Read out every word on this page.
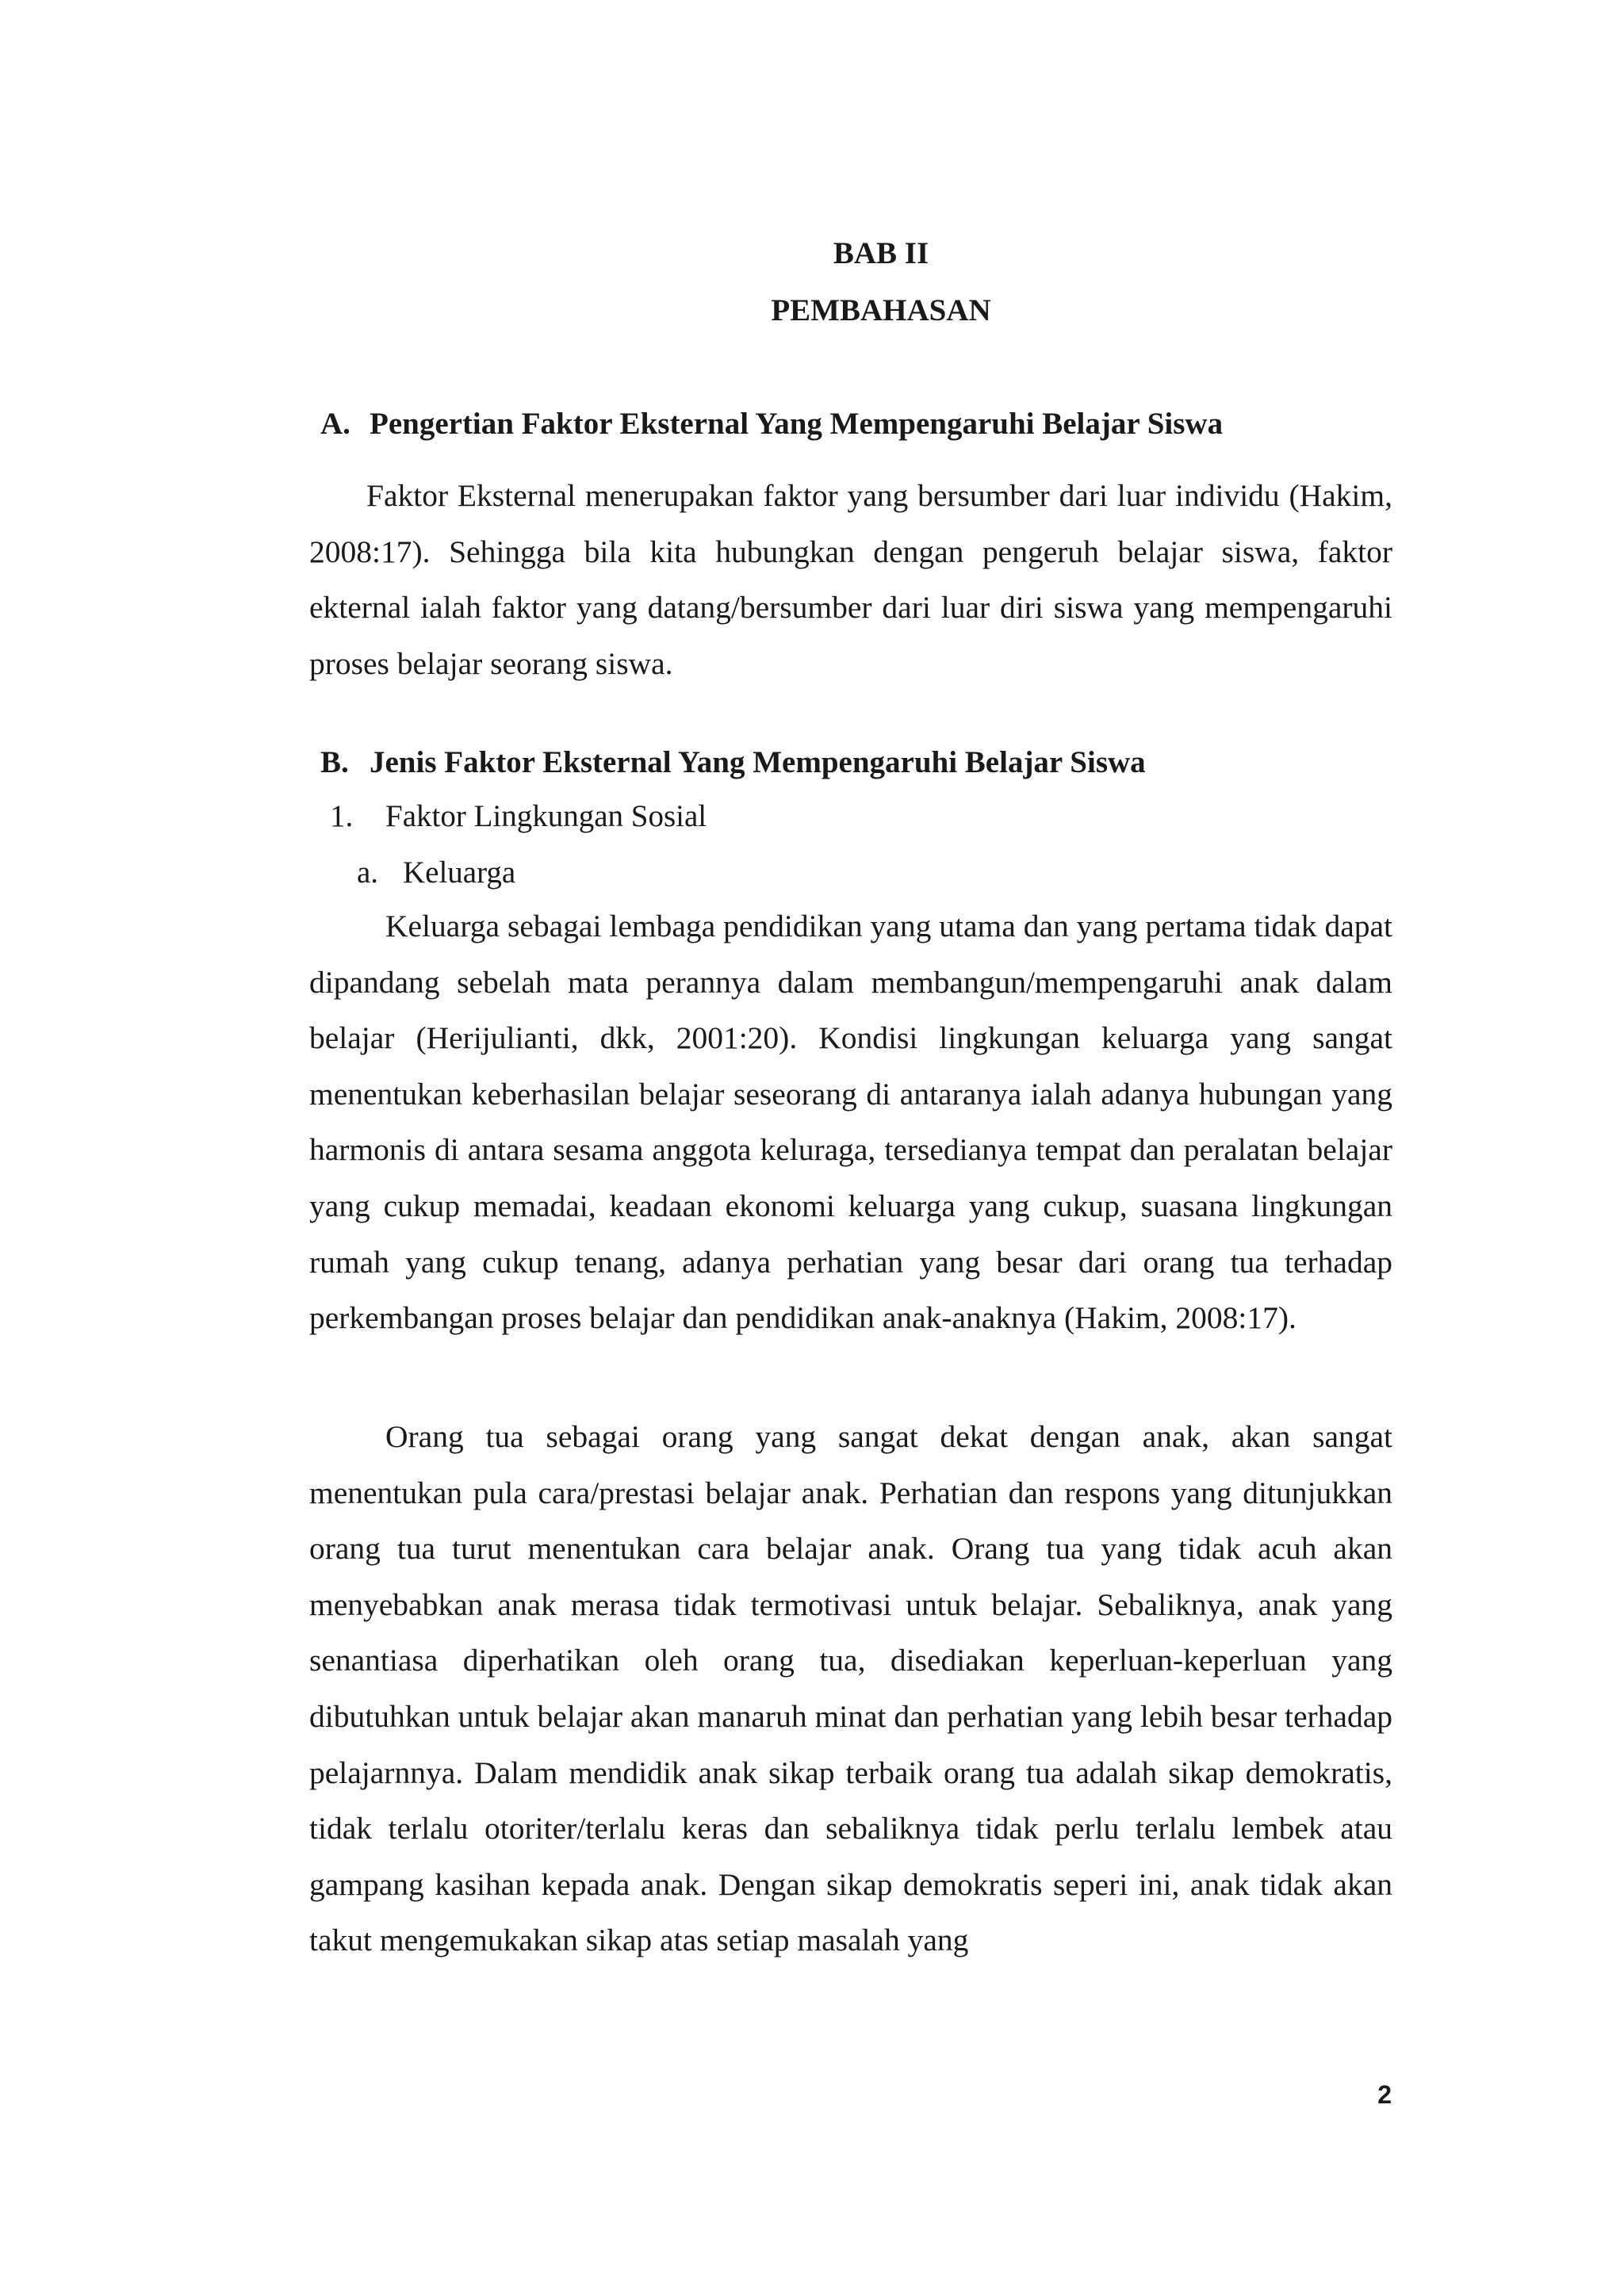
BAB II
PEMBAHASAN
A. Pengertian Faktor Eksternal Yang Mempengaruhi Belajar Siswa

Faktor Eksternal menerupakan faktor yang bersumber dari luar individu (Hakim, 2008:17). Sehingga bila kita hubungkan dengan pengeruh belajar siswa, faktor ekternal ialah faktor yang datang/bersumber dari luar diri siswa yang mempengaruhi proses belajar seorang siswa.

B. Jenis Faktor Eksternal Yang Mempengaruhi Belajar Siswa
1. Faktor Lingkungan Sosial
a. Keluarga

Keluarga sebagai lembaga pendidikan yang utama dan yang pertama tidak dapat dipandang sebelah mata perannya dalam membangun/mempengaruhi anak dalam belajar (Herijulianti, dkk, 2001:20). Kondisi lingkungan keluarga yang sangat menentukan keberhasilan belajar seseorang di antaranya ialah adanya hubungan yang harmonis di antara sesama anggota keluraga, tersedianya tempat dan peralatan belajar yang cukup memadai, keadaan ekonomi keluarga yang cukup, suasana lingkungan rumah yang cukup tenang, adanya perhatian yang besar dari orang tua terhadap perkembangan proses belajar dan pendidikan anak-anaknya (Hakim, 2008:17).

Orang tua sebagai orang yang sangat dekat dengan anak, akan sangat menentukan pula cara/prestasi belajar anak. Perhatian dan respons yang ditunjukkan orang tua turut menentukan cara belajar anak. Orang tua yang tidak acuh akan menyebabkan anak merasa tidak termotivasi untuk belajar. Sebaliknya, anak yang senantiasa diperhatikan oleh orang tua, disediakan keperluan-keperluan yang dibutuhkan untuk belajar akan manaruh minat dan perhatian yang lebih besar terhadap pelajarnnya. Dalam mendidik anak sikap terbaik orang tua adalah sikap demokratis, tidak terlalu otoriter/terlalu keras dan sebaliknya tidak perlu terlalu lembek atau gampang kasihan kepada anak. Dengan sikap demokratis seperi ini, anak tidak akan takut mengemukakan sikap atas setiap masalah yang

2
